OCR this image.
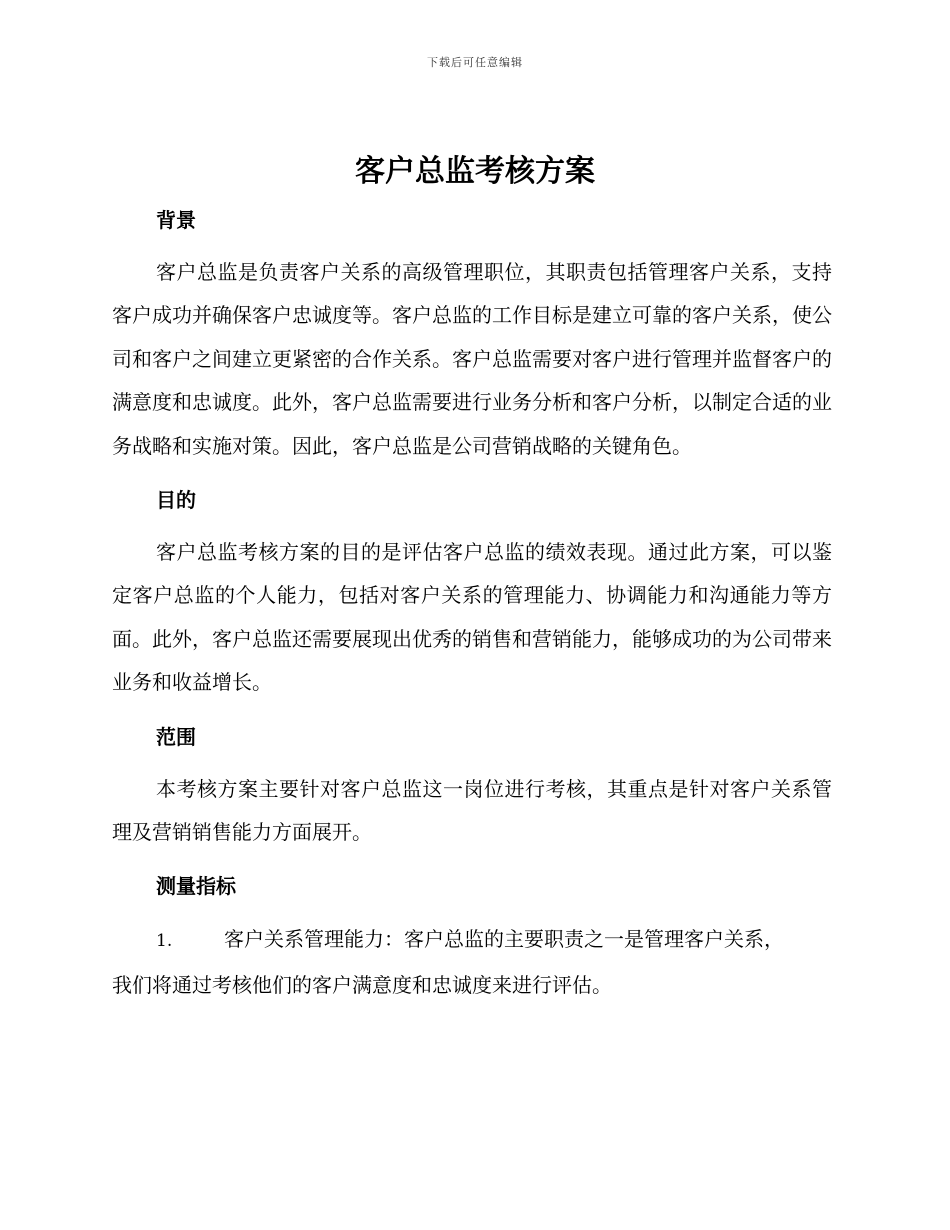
下载后可任意编辑
客户总监考核方案
背景

客户总监是负责客户关系的高级管理职位，其职责包括管理客户关系，支持客户成功并确保客户忠诚度等。客户总监的工作目标是建立可靠的客户关系，使公司和客户之间建立更紧密的合作关系。客户总监需要对客户进行管理并监督客户的满意度和忠诚度。此外，客户总监需要进行业务分析和客户分析，以制定合适的业务战略和实施对策。因此，客户总监是公司营销战略的关键角色。

目的

客户总监考核方案的目的是评估客户总监的绩效表现。通过此方案，可以鉴定客户总监的个人能力，包括对客户关系的管理能力、协调能力和沟通能力等方面。此外，客户总监还需要展现出优秀的销售和营销能力，能够成功的为公司带来业务和收益增长。

范围

本考核方案主要针对客户总监这一岗位进行考核，其重点是针对客户关系管理及营销销售能力方面展开。

测量指标
1.	客户关系管理能力：客户总监的主要职责之一是管理客户关系，
我们将通过考核他们的客户满意度和忠诚度来进行评估。
